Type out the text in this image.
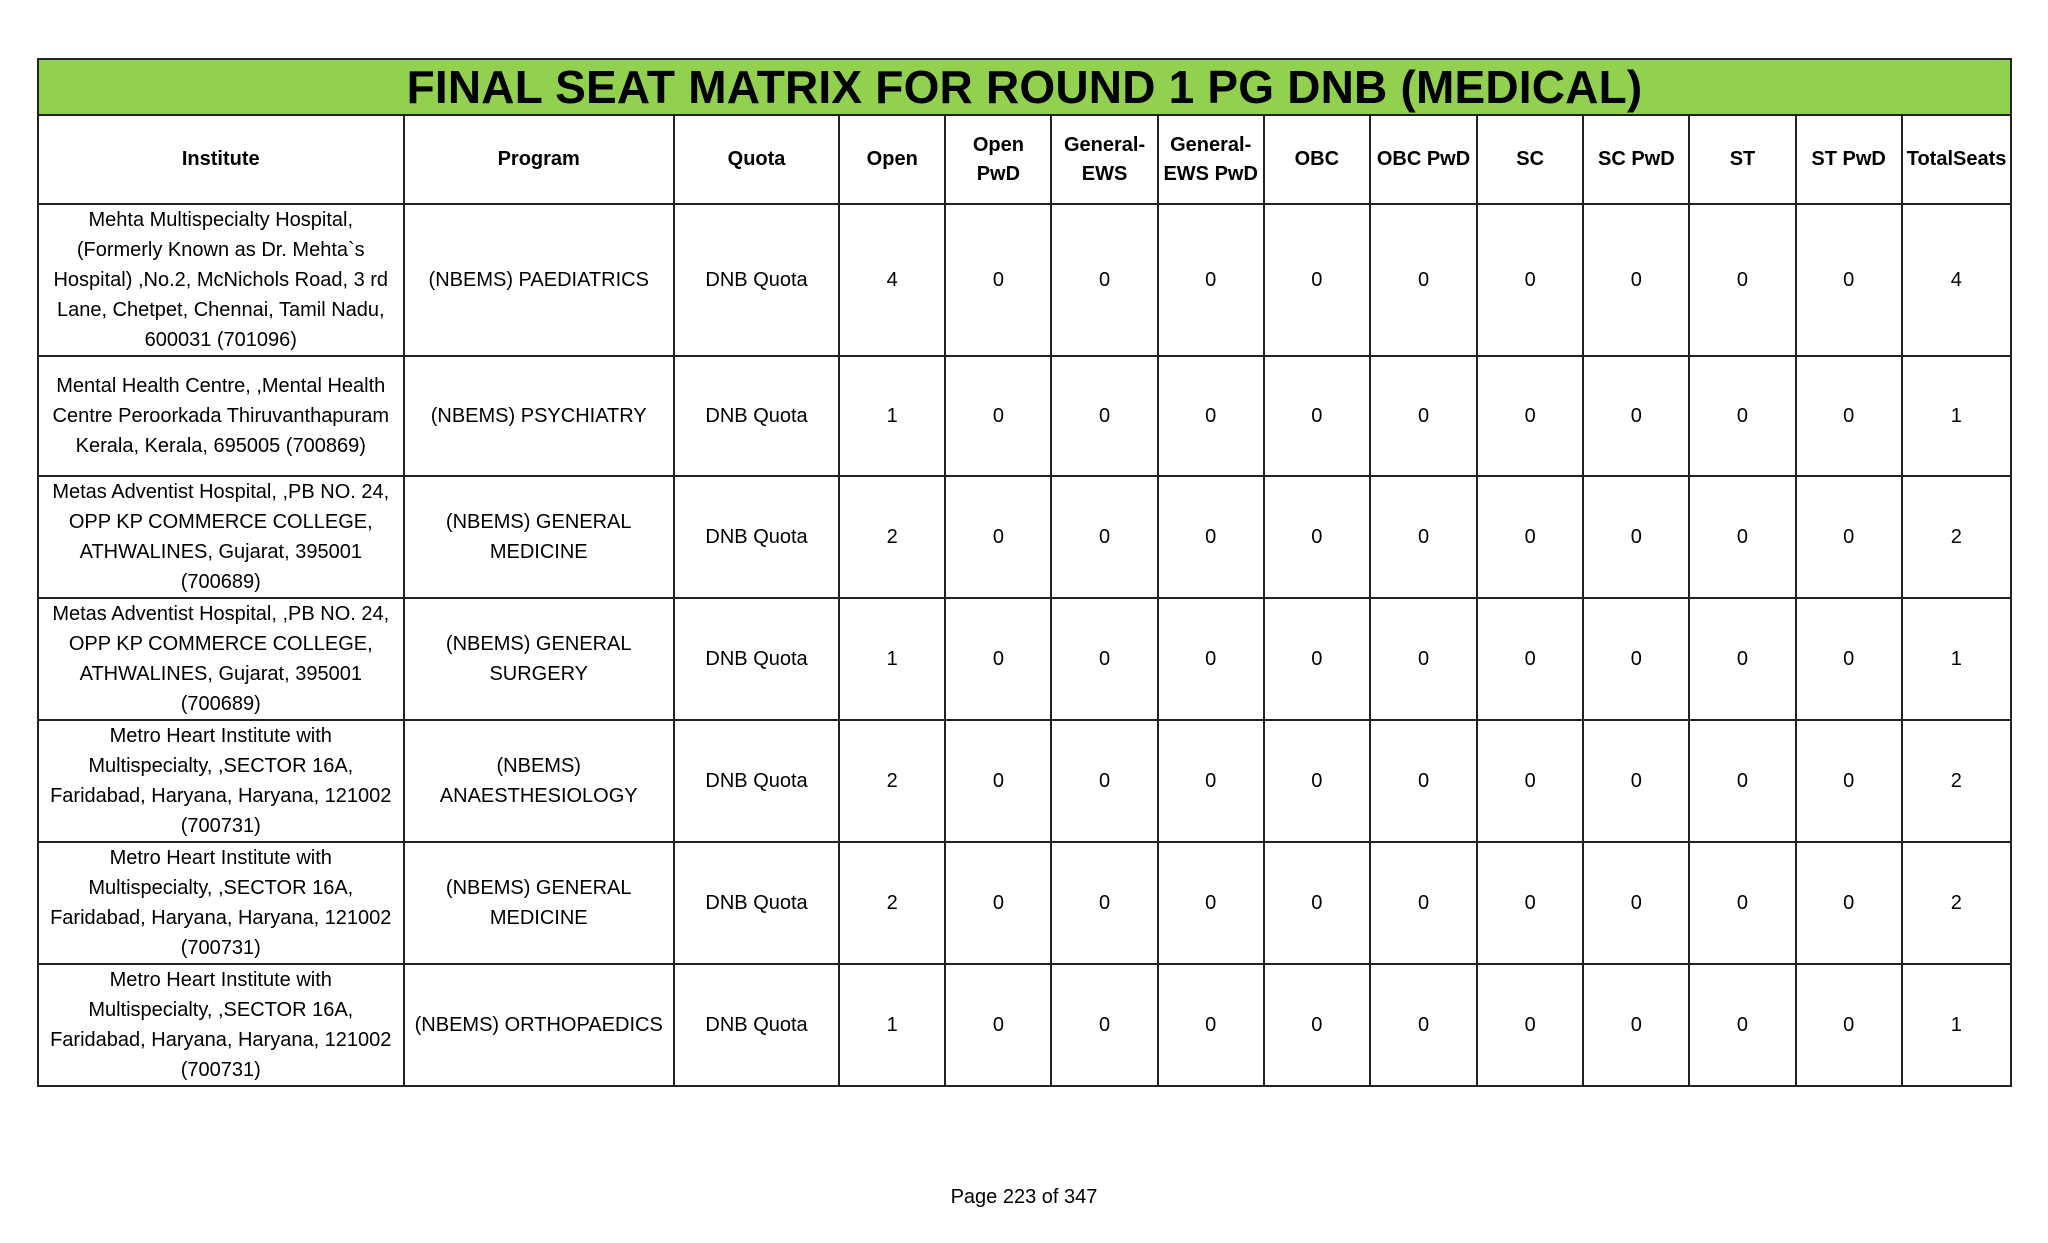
FINAL SEAT MATRIX FOR ROUND 1 PG DNB (MEDICAL)													
Institute	Program	Quota	Open	Open PwD	General-EWS	General-EWS PwD	OBC	OBC PwD	SC	SC PwD	ST	ST PwD	TotalSeats
Mehta Multispecialty Hospital, (Formerly Known as Dr. Mehta`s Hospital) ,No.2, McNichols Road, 3 rd Lane, Chetpet, Chennai, Tamil Nadu, 600031 (701096)	(NBEMS) PAEDIATRICS	DNB Quota	4	0	0	0	0	0	0	0	0	0	4
Mental Health Centre, ,Mental Health Centre Peroorkada Thiruvanthapuram Kerala, Kerala, 695005 (700869)	(NBEMS) PSYCHIATRY	DNB Quota	1	0	0	0	0	0	0	0	0	0	1
Metas Adventist Hospital, ,PB NO. 24, OPP KP COMMERCE COLLEGE, ATHWALINES, Gujarat, 395001 (700689)	(NBEMS) GENERAL MEDICINE	DNB Quota	2	0	0	0	0	0	0	0	0	0	2
Metas Adventist Hospital, ,PB NO. 24, OPP KP COMMERCE COLLEGE, ATHWALINES, Gujarat, 395001 (700689)	(NBEMS) GENERAL SURGERY	DNB Quota	1	0	0	0	0	0	0	0	0	0	1
Metro Heart Institute with Multispecialty, ,SECTOR 16A, Faridabad, Haryana, Haryana, 121002 (700731)	(NBEMS) ANAESTHESIOLOGY	DNB Quota	2	0	0	0	0	0	0	0	0	0	2
Metro Heart Institute with Multispecialty, ,SECTOR 16A, Faridabad, Haryana, Haryana, 121002 (700731)	(NBEMS) GENERAL MEDICINE	DNB Quota	2	0	0	0	0	0	0	0	0	0	2
Metro Heart Institute with Multispecialty, ,SECTOR 16A, Faridabad, Haryana, Haryana, 121002 (700731)	(NBEMS) ORTHOPAEDICS	DNB Quota	1	0	0	0	0	0	0	0	0	0	1
Page 223 of 347
